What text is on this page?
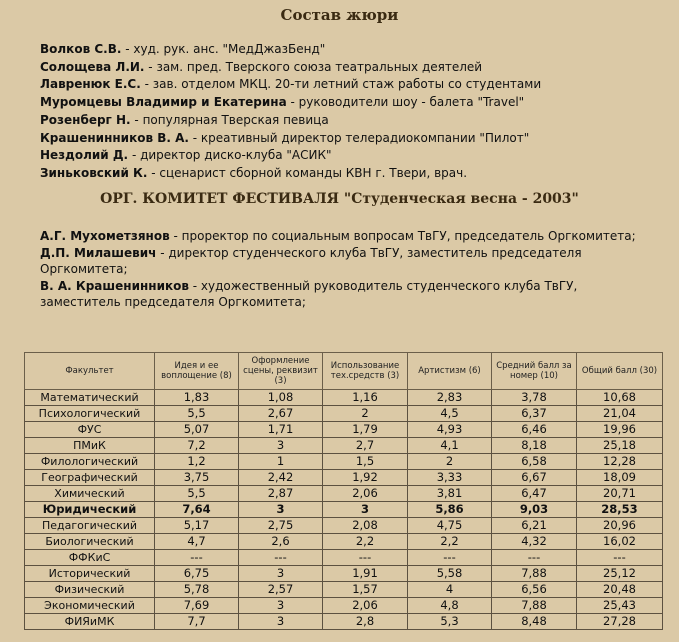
Состав жюри
Волков С.В. - худ. рук. анс. "МедДжазБенд"
Солощева Л.И. - зам. пред. Тверского союза театральных деятелей
Лавренюк Е.С. - зав. отделом МКЦ. 20-ти летний стаж работы со студентами
Муромцевы Владимир и Екатерина - руководители шоу - балета "Travel"
Розенберг Н. - популярная Тверская певица
Крашенинников В. А. - креативный директор телерадиокомпании "Пилот"
Нездолий Д. - директор диско-клуба "АСИК"
Зиньковский К. - сценарист сборной команды КВН г. Твери, врач.
ОРГ. КОМИТЕТ ФЕСТИВАЛЯ "Студенческая весна - 2003"
А.Г. Мухометзянов - проректор по социальным вопросам ТвГУ, председатель Оргкомитета;
Д.П. Милашевич - директор студенческого клуба ТвГУ, заместитель председателя Оргкомитета;
В. А. Крашенинников - художественный руководитель студенческого клуба ТвГУ, заместитель председателя Оргкомитета;
Факультет	Идея и ее воплощение (8)	Оформление сцены, реквизит (3)	Использование тех.средств (3)	Артистизм (6)	Средний балл за номер (10)	Общий балл (30)
Математический	1,83	1,08	1,16	2,83	3,78	10,68
Психологический	5,5	2,67	2	4,5	6,37	21,04
ФУС	5,07	1,71	1,79	4,93	6,46	19,96
ПМиК	7,2	3	2,7	4,1	8,18	25,18
Филологический	1,2	1	1,5	2	6,58	12,28
Географический	3,75	2,42	1,92	3,33	6,67	18,09
Химический	5,5	2,87	2,06	3,81	6,47	20,71
Юридический	7,64	3	3	5,86	9,03	28,53
Педагогический	5,17	2,75	2,08	4,75	6,21	20,96
Биологический	4,7	2,6	2,2	2,2	4,32	16,02
ФФКиС	---	---	---	---	---	---
Исторический	6,75	3	1,91	5,58	7,88	25,12
Физический	5,78	2,57	1,57	4	6,56	20,48
Экономический	7,69	3	2,06	4,8	7,88	25,43
ФИЯиМК	7,7	3	2,8	5,3	8,48	27,28
